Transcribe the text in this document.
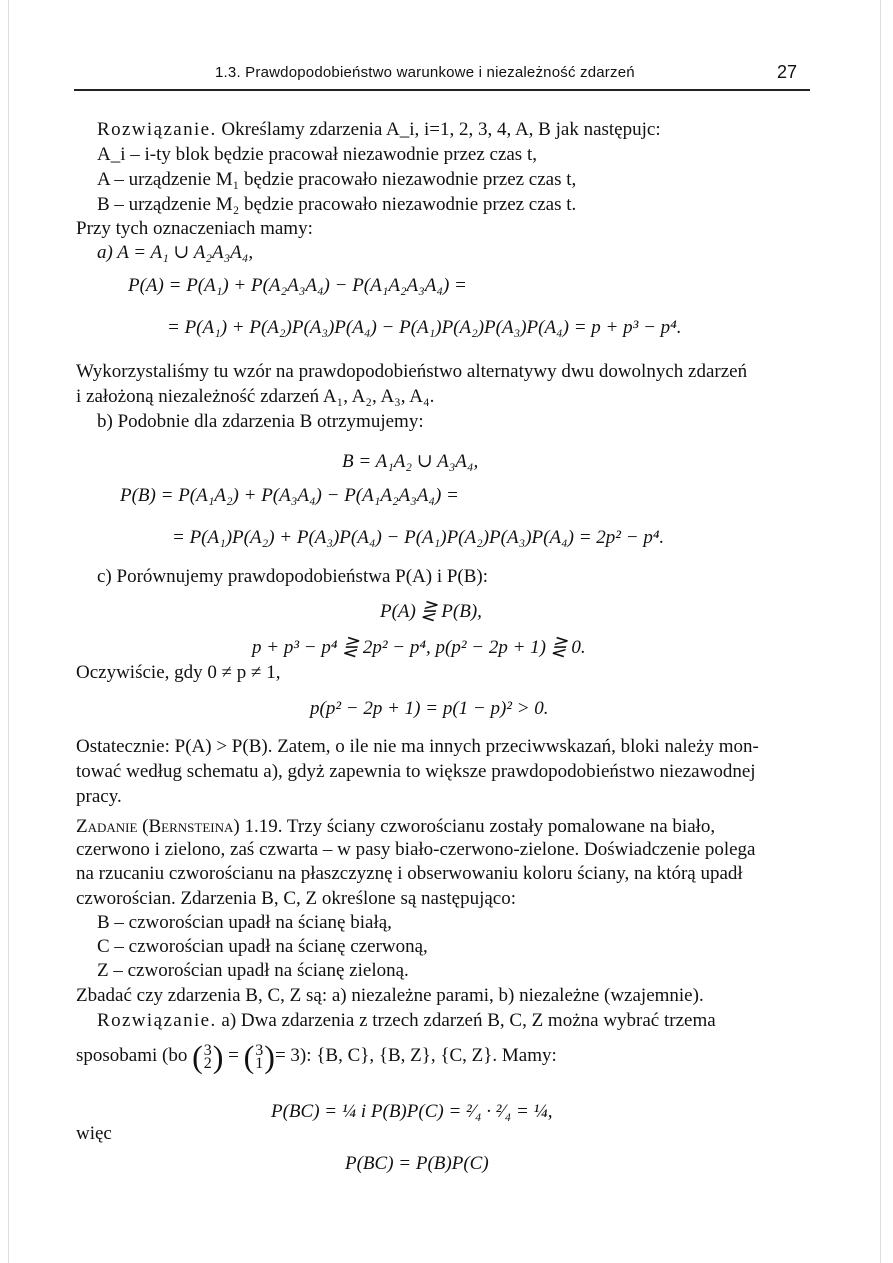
1.3. Prawdopodobieństwo warunkowe i niezależność zdarzeń	27
Rozwiązanie. Określamy zdarzenia A_i, i=1, 2, 3, 4, A, B jak następujc:
A_i – i-ty blok będzie pracował niezawodnie przez czas t,
A – urządzenie M₁ będzie pracowało niezawodnie przez czas t,
B – urządzenie M₂ będzie pracowało niezawodnie przez czas t.
Przy tych oznaczeniach mamy:
a) A = A₁ ∪ A₂A₃A₄,
P(A) = P(A₁) + P(A₂A₃A₄) − P(A₁A₂A₃A₄) =
= P(A₁) + P(A₂)P(A₃)P(A₄) − P(A₁)P(A₂)P(A₃)P(A₄) = p + p³ − p⁴.
Wykorzystaliśmy tu wzór na prawdopodobieństwo alternatywy dwu dowolnych zdarzeń
i założoną niezależność zdarzeń A₁, A₂, A₃, A₄.
b) Podobnie dla zdarzenia B otrzymujemy:
B = A₁A₂ ∪ A₃A₄,
P(B) = P(A₁A₂) + P(A₃A₄) − P(A₁A₂A₃A₄) =
= P(A₁)P(A₂) + P(A₃)P(A₄) − P(A₁)P(A₂)P(A₃)P(A₄) = 2p² − p⁴.
c) Porównujemy prawdopodobieństwa P(A) i P(B):
P(A) ⋛ P(B),
p + p³ − p⁴ ⋛ 2p² − p⁴, p(p² − 2p + 1) ⋛ 0.
Oczywiście, gdy 0 ≠ p ≠ 1,
p(p² − 2p + 1) = p(1 − p)² > 0.
Ostatecznie: P(A) > P(B). Zatem, o ile nie ma innych przeciwwskazań, bloki należy mon-
tować według schematu a), gdyż zapewnia to większe prawdopodobieństwo niezawodnej
pracy.
Zadanie (Bernsteina) 1.19. Trzy ściany czworościanu zostały pomalowane na biało,
czerwono i zielono, zaś czwarta – w pasy biało-czerwono-zielone. Doświadczenie polega
na rzucaniu czworościanu na płaszczyznę i obserwowaniu koloru ściany, na którą upadł
czworościan. Zdarzenia B, C, Z określone są następująco:
B – czworościan upadł na ścianę białą,
C – czworościan upadł na ścianę czerwoną,
Z – czworościan upadł na ścianę zieloną.
Zbadać czy zdarzenia B, C, Z są: a) niezależne parami, b) niezależne (wzajemnie).
Rozwiązanie. a) Dwa zdarzenia z trzech zdarzeń B, C, Z można wybrać trzema
sposobami (bo ( 3
2 ) = ( 3
1 )= 3): {B, C}, {B, Z}, {C, Z}. Mamy:
P(BC) = ¼ i P(B)P(C) = ²⁄₄ · ²⁄₄ = ¼,
więc
P(BC) = P(B)P(C)
